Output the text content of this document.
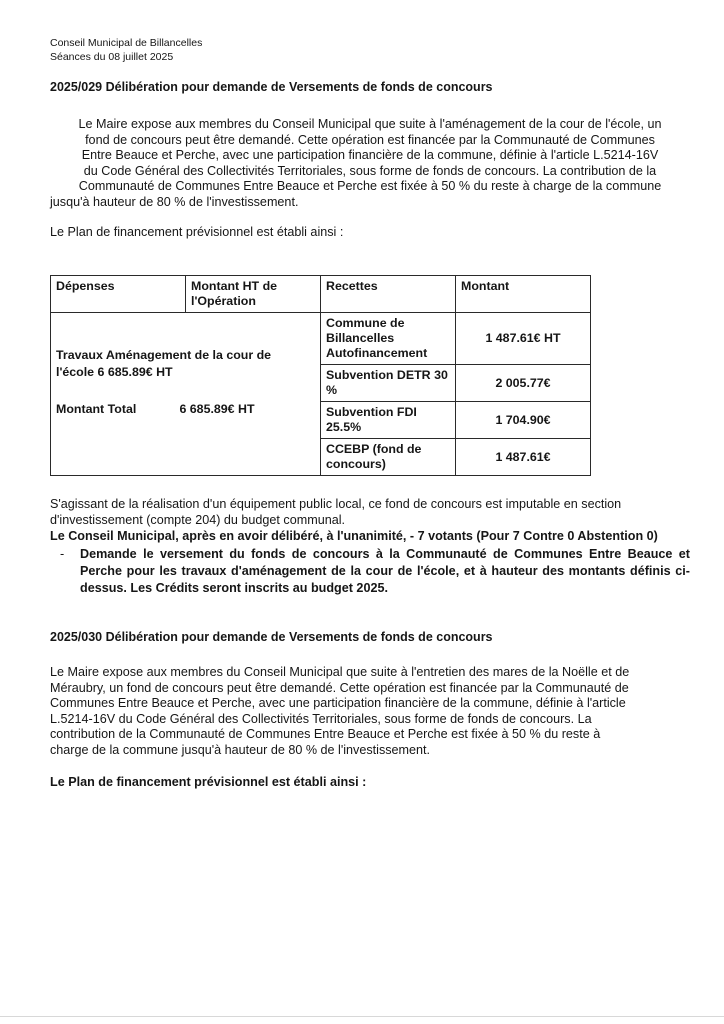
Conseil Municipal de Billancelles
Séances du 08 juillet 2025
2025/029 Délibération pour demande de Versements de fonds de concours
Le Maire expose aux membres du Conseil Municipal que suite à l'aménagement de la cour de l'école, un
fond de concours peut être demandé. Cette opération est financée par la Communauté de Communes
Entre Beauce et Perche, avec une participation financière de la commune, définie à l'article L.5214-16V
du Code Général des Collectivités Territoriales, sous forme de fonds de concours. La contribution de la
Communauté de Communes Entre Beauce et Perche est fixée à 50 % du reste à charge de la commune
jusqu'à hauteur de 80 % de l'investissement.
Le Plan de financement prévisionnel est établi ainsi :
Dépenses	Montant HT de l'Opération	Recettes	Montant

Travaux Aménagement de la cour de
l'école 6 685.89€ HT
Montant Total 6 685.89€ HT		Commune de Billancelles Autofinancement	1 487.61€ HT
		Subvention DETR 30 %	2 005.77€
		Subvention FDI 25.5%	1 704.90€
		CCEBP (fond de concours)	1 487.61€
S'agissant de la réalisation d'un équipement public local, ce fond de concours est imputable en section
d'investissement (compte 204) du budget communal.
Le Conseil Municipal, après en avoir délibéré, à l'unanimité, - 7 votants (Pour 7 Contre 0 Abstention 0)
-	Demande le versement du fonds de concours à la Communauté de Communes Entre Beauce et Perche pour les travaux d'aménagement de la cour de l'école, et à hauteur des montants définis ci-dessus. Les Crédits seront inscrits au budget 2025.
2025/030 Délibération pour demande de Versements de fonds de concours
Le Maire expose aux membres du Conseil Municipal que suite à l'entretien des mares de la Noëlle et de
Méraubry, un fond de concours peut être demandé. Cette opération est financée par la Communauté de
Communes Entre Beauce et Perche, avec une participation financière de la commune, définie à l'article
L.5214-16V du Code Général des Collectivités Territoriales, sous forme de fonds de concours. La
contribution de la Communauté de Communes Entre Beauce et Perche est fixée à 50 % du reste à
charge de la commune jusqu'à hauteur de 80 % de l'investissement.
Le Plan de financement prévisionnel est établi ainsi :
